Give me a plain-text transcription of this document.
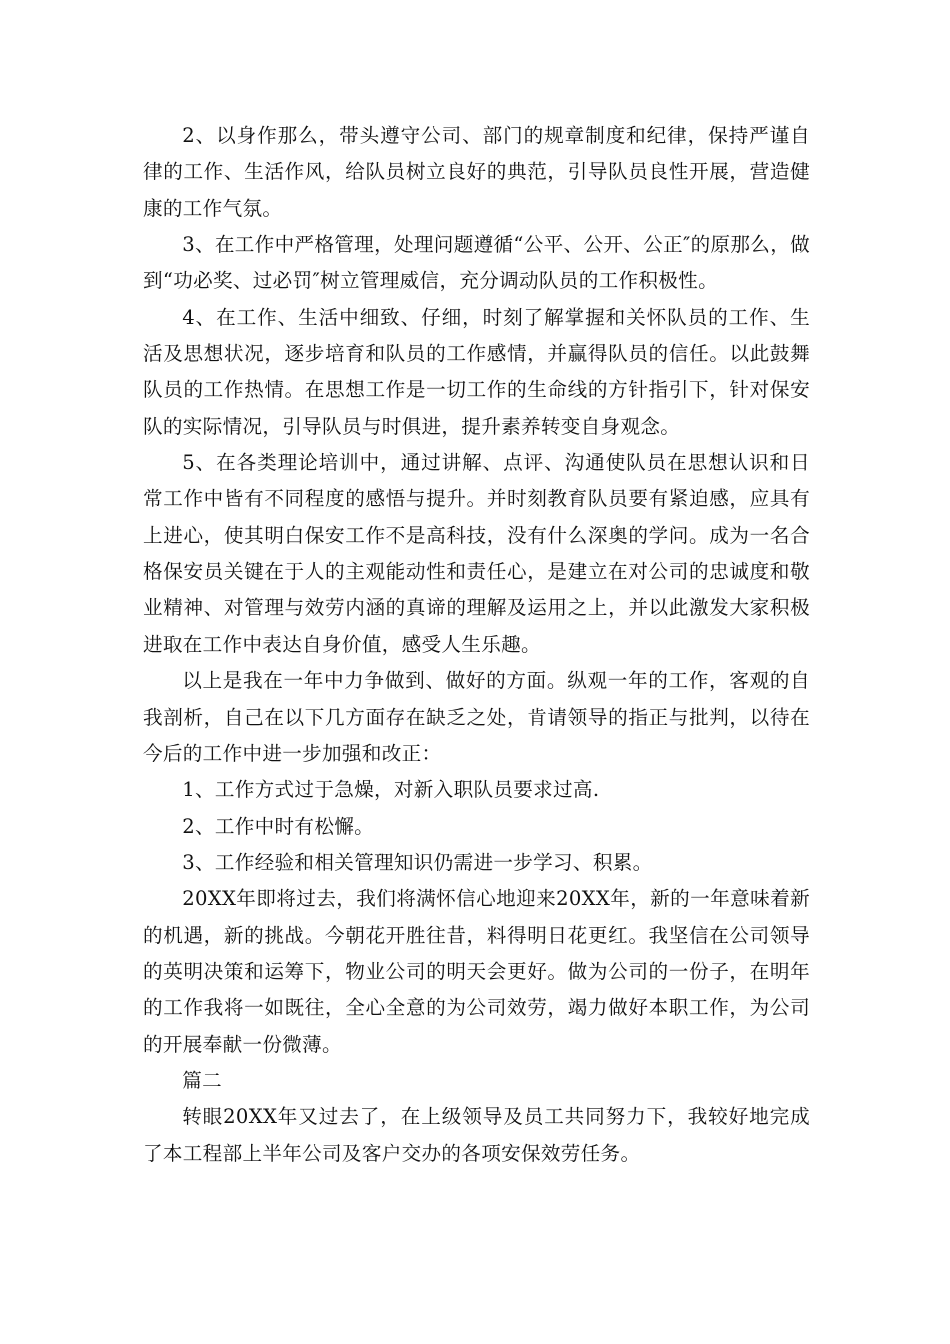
2、以身作那么，带头遵守公司、部门的规章制度和纪律，保持严谨自律的工作、生活作风，给队员树立良好的典范，引导队员良性开展，营造健康的工作气氛。

3、在工作中严格管理，处理问题遵循“公平、公开、公正″的原那么，做到“功必奖、过必罚″树立管理威信，充分调动队员的工作积极性。

4、在工作、生活中细致、仔细，时刻了解掌握和关怀队员的工作、生活及思想状况，逐步培育和队员的工作感情，并赢得队员的信任。以此鼓舞队员的工作热情。在思想工作是一切工作的生命线的方针指引下，针对保安队的实际情况，引导队员与时俱进，提升素养转变自身观念。

5、在各类理论培训中，通过讲解、点评、沟通使队员在思想认识和日常工作中皆有不同程度的感悟与提升。并时刻教育队员要有紧迫感，应具有上进心，使其明白保安工作不是高科技，没有什么深奥的学问。成为一名合格保安员关键在于人的主观能动性和责任心，是建立在对公司的忠诚度和敬业精神、对管理与效劳内涵的真谛的理解及运用之上，并以此激发大家积极进取在工作中表达自身价值，感受人生乐趣。

以上是我在一年中力争做到、做好的方面。纵观一年的工作，客观的自我剖析，自己在以下几方面存在缺乏之处，肯请领导的指正与批判，以待在今后的工作中进一步加强和改正：

1、工作方式过于急燥，对新入职队员要求过高.

2、工作中时有松懈。

3、工作经验和相关管理知识仍需进一步学习、积累。

20XX年即将过去，我们将满怀信心地迎来20XX年，新的一年意味着新的机遇，新的挑战。今朝花开胜往昔，料得明日花更红。我坚信在公司领导的英明决策和运筹下，物业公司的明天会更好。做为公司的一份子，在明年的工作我将一如既往，全心全意的为公司效劳，竭力做好本职工作，为公司的开展奉献一份微薄。

篇二

转眼20XX年又过去了，在上级领导及员工共同努力下，我较好地完成了本工程部上半年公司及客户交办的各项安保效劳任务。
